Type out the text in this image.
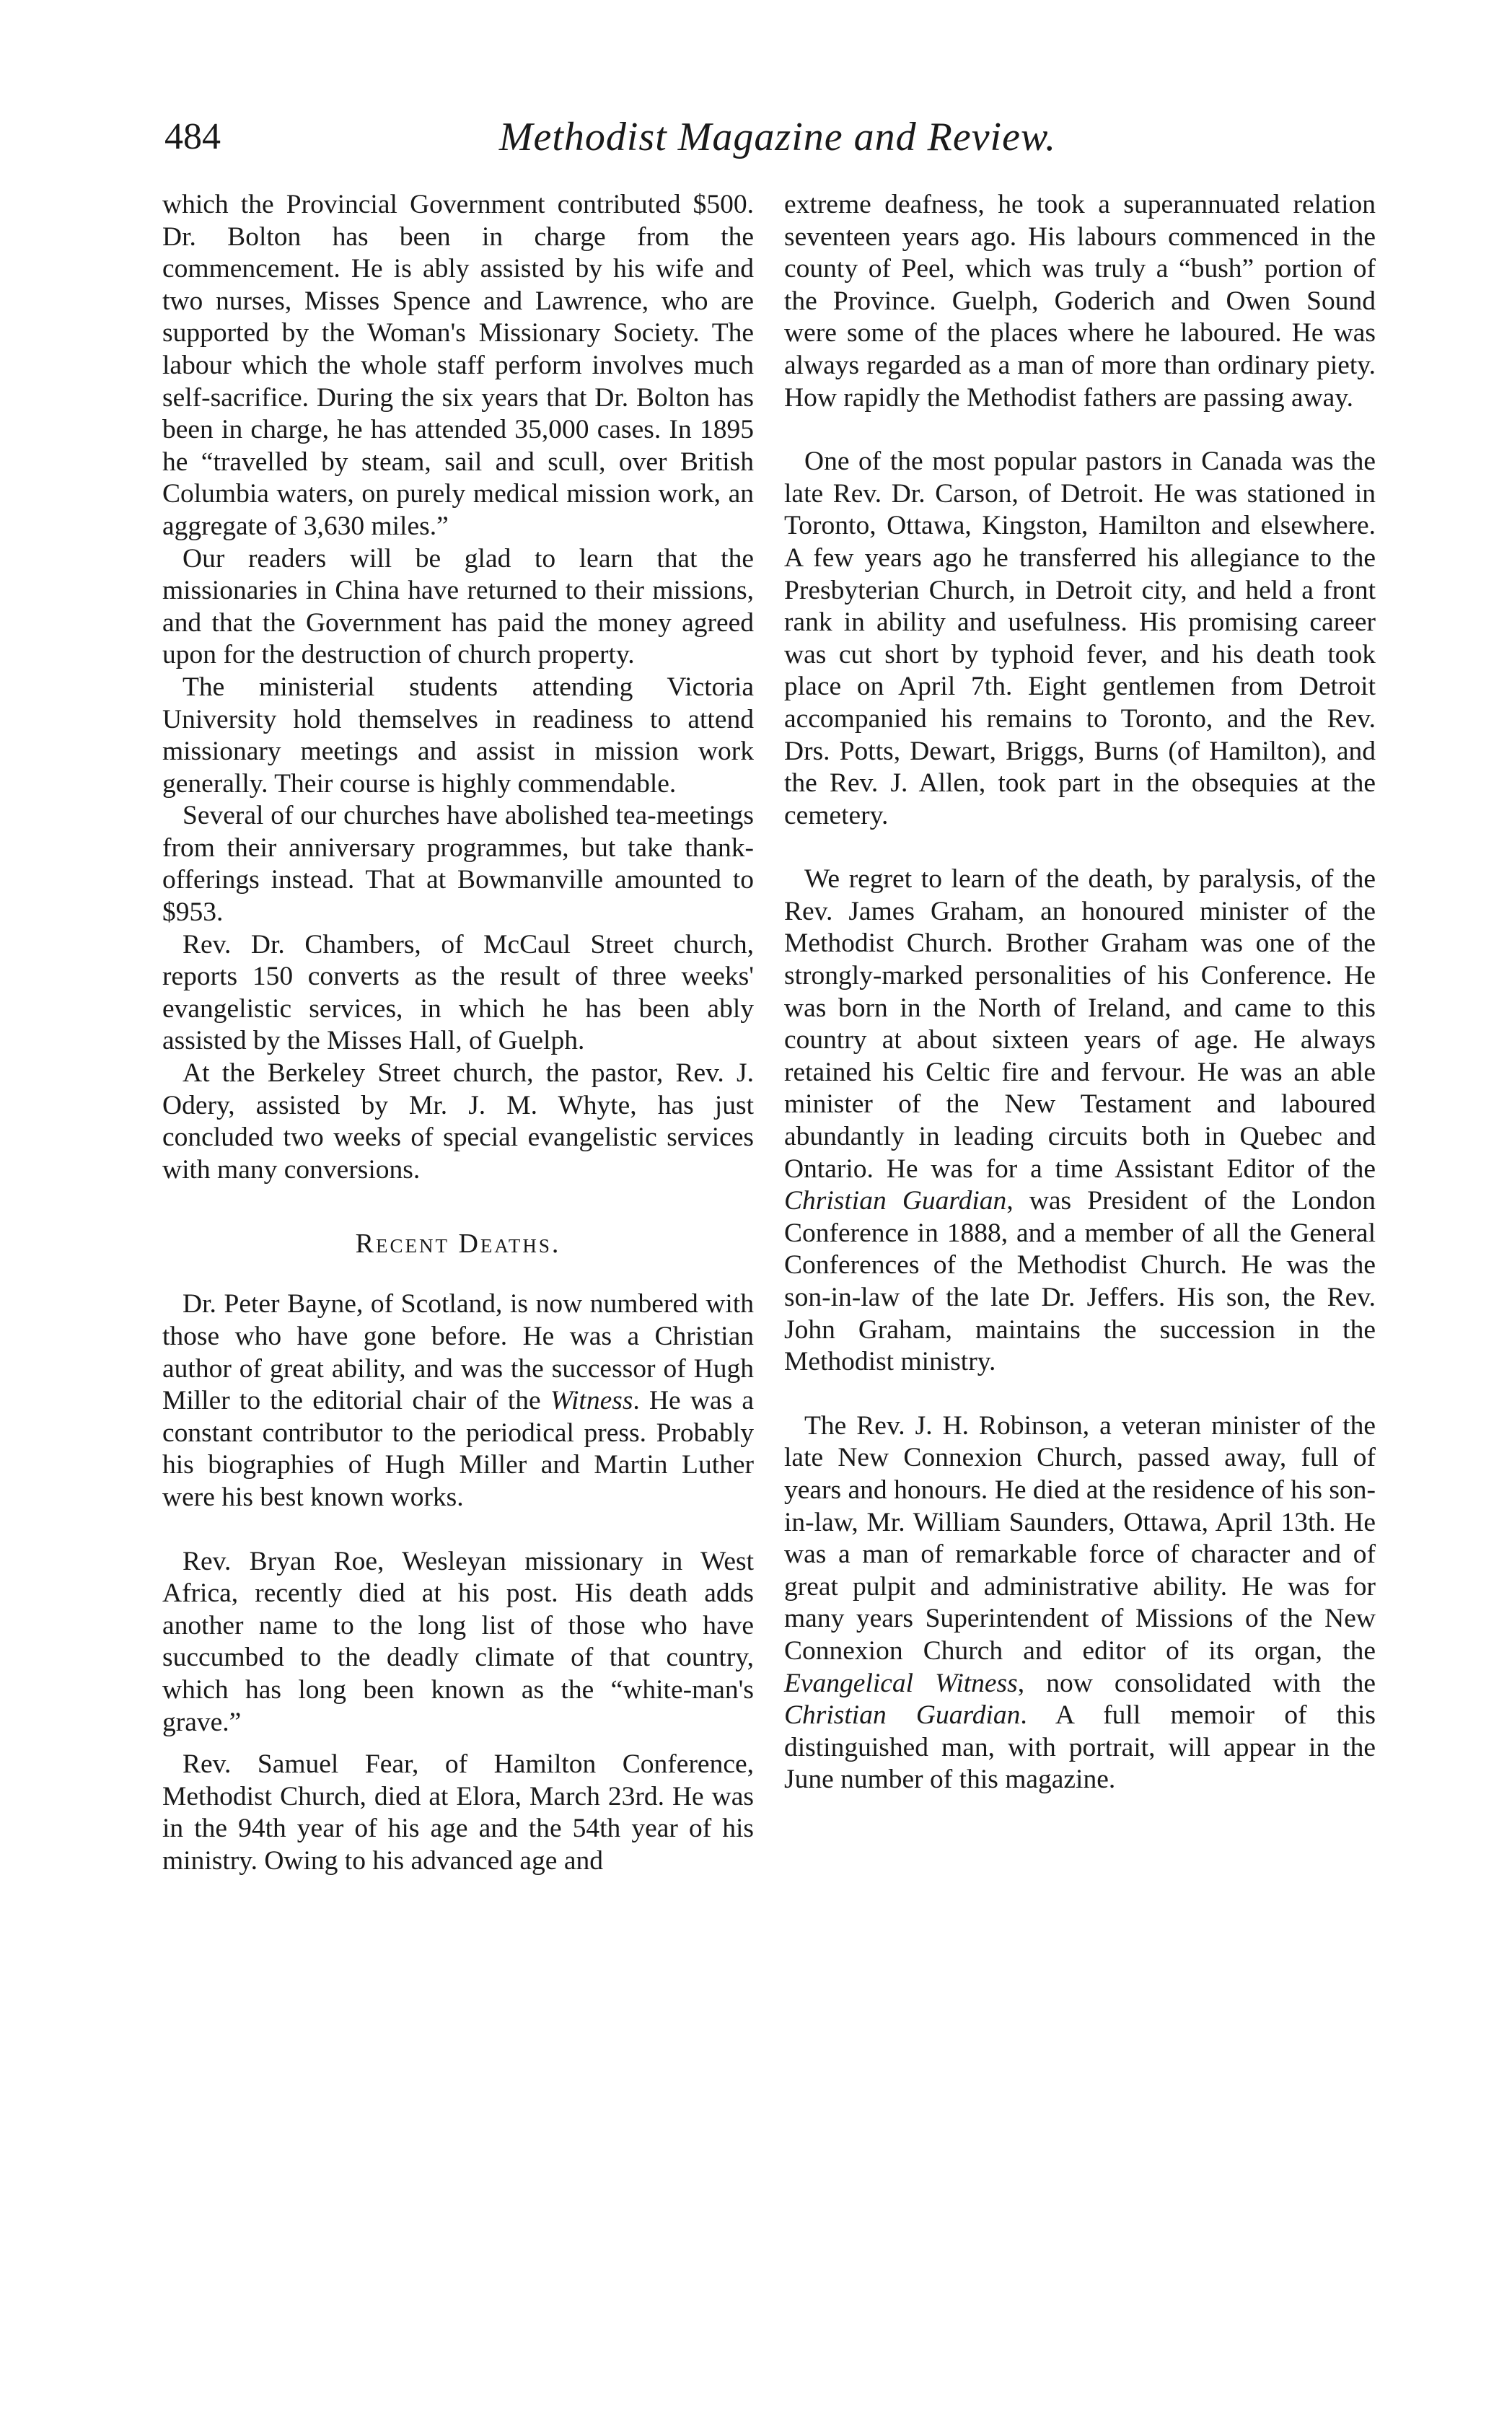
484	Methodist Magazine and Review.

which the Provincial Government contributed $500. Dr. Bolton has been in charge from the commencement. He is ably assisted by his wife and two nurses, Misses Spence and Lawrence, who are supported by the Woman's Missionary Society. The labour which the whole staff perform involves much self-sacrifice. During the six years that Dr. Bolton has been in charge, he has attended 35,000 cases. In 1895 he “travelled by steam, sail and scull, over British Columbia waters, on purely medical mission work, an aggregate of 3,630 miles.”

Our readers will be glad to learn that the missionaries in China have returned to their missions, and that the Government has paid the money agreed upon for the destruction of church property.

The ministerial students attending Victoria University hold themselves in readiness to attend missionary meetings and assist in mission work generally. Their course is highly commendable.

Several of our churches have abolished tea-meetings from their anniversary programmes, but take thank-offerings instead. That at Bowmanville amounted to $953.

Rev. Dr. Chambers, of McCaul Street church, reports 150 converts as the result of three weeks' evangelistic services, in which he has been ably assisted by the Misses Hall, of Guelph.

At the Berkeley Street church, the pastor, Rev. J. Odery, assisted by Mr. J. M. Whyte, has just concluded two weeks of special evangelistic services with many conversions.

Recent Deaths.

Dr. Peter Bayne, of Scotland, is now numbered with those who have gone before. He was a Christian author of great ability, and was the successor of Hugh Miller to the editorial chair of the Witness. He was a constant contributor to the periodical press. Probably his biographies of Hugh Miller and Martin Luther were his best known works.

Rev. Bryan Roe, Wesleyan missionary in West Africa, recently died at his post. His death adds another name to the long list of those who have succumbed to the deadly climate of that country, which has long been known as the “white-man's grave.”

Rev. Samuel Fear, of Hamilton Conference, Methodist Church, died at Elora, March 23rd. He was in the 94th year of his age and the 54th year of his ministry. Owing to his advanced age and

extreme deafness, he took a superannuated relation seventeen years ago. His labours commenced in the county of Peel, which was truly a “bush” portion of the Province. Guelph, Goderich and Owen Sound were some of the places where he laboured. He was always regarded as a man of more than ordinary piety. How rapidly the Methodist fathers are passing away.

One of the most popular pastors in Canada was the late Rev. Dr. Carson, of Detroit. He was stationed in Toronto, Ottawa, Kingston, Hamilton and elsewhere. A few years ago he transferred his allegiance to the Presbyterian Church, in Detroit city, and held a front rank in ability and usefulness. His promising career was cut short by typhoid fever, and his death took place on April 7th. Eight gentlemen from Detroit accompanied his remains to Toronto, and the Rev. Drs. Potts, Dewart, Briggs, Burns (of Hamilton), and the Rev. J. Allen, took part in the obsequies at the cemetery.

We regret to learn of the death, by paralysis, of the Rev. James Graham, an honoured minister of the Methodist Church. Brother Graham was one of the strongly-marked personalities of his Conference. He was born in the North of Ireland, and came to this country at about sixteen years of age. He always retained his Celtic fire and fervour. He was an able minister of the New Testament and laboured abundantly in leading circuits both in Quebec and Ontario. He was for a time Assistant Editor of the Christian Guardian, was President of the London Conference in 1888, and a member of all the General Conferences of the Methodist Church. He was the son-in-law of the late Dr. Jeffers. His son, the Rev. John Graham, maintains the succession in the Methodist ministry.

The Rev. J. H. Robinson, a veteran minister of the late New Connexion Church, passed away, full of years and honours. He died at the residence of his son-in-law, Mr. William Saunders, Ottawa, April 13th. He was a man of remarkable force of character and of great pulpit and administrative ability. He was for many years Superintendent of Missions of the New Connexion Church and editor of its organ, the Evangelical Witness, now consolidated with the Christian Guardian. A full memoir of this distinguished man, with portrait, will appear in the June number of this magazine.
